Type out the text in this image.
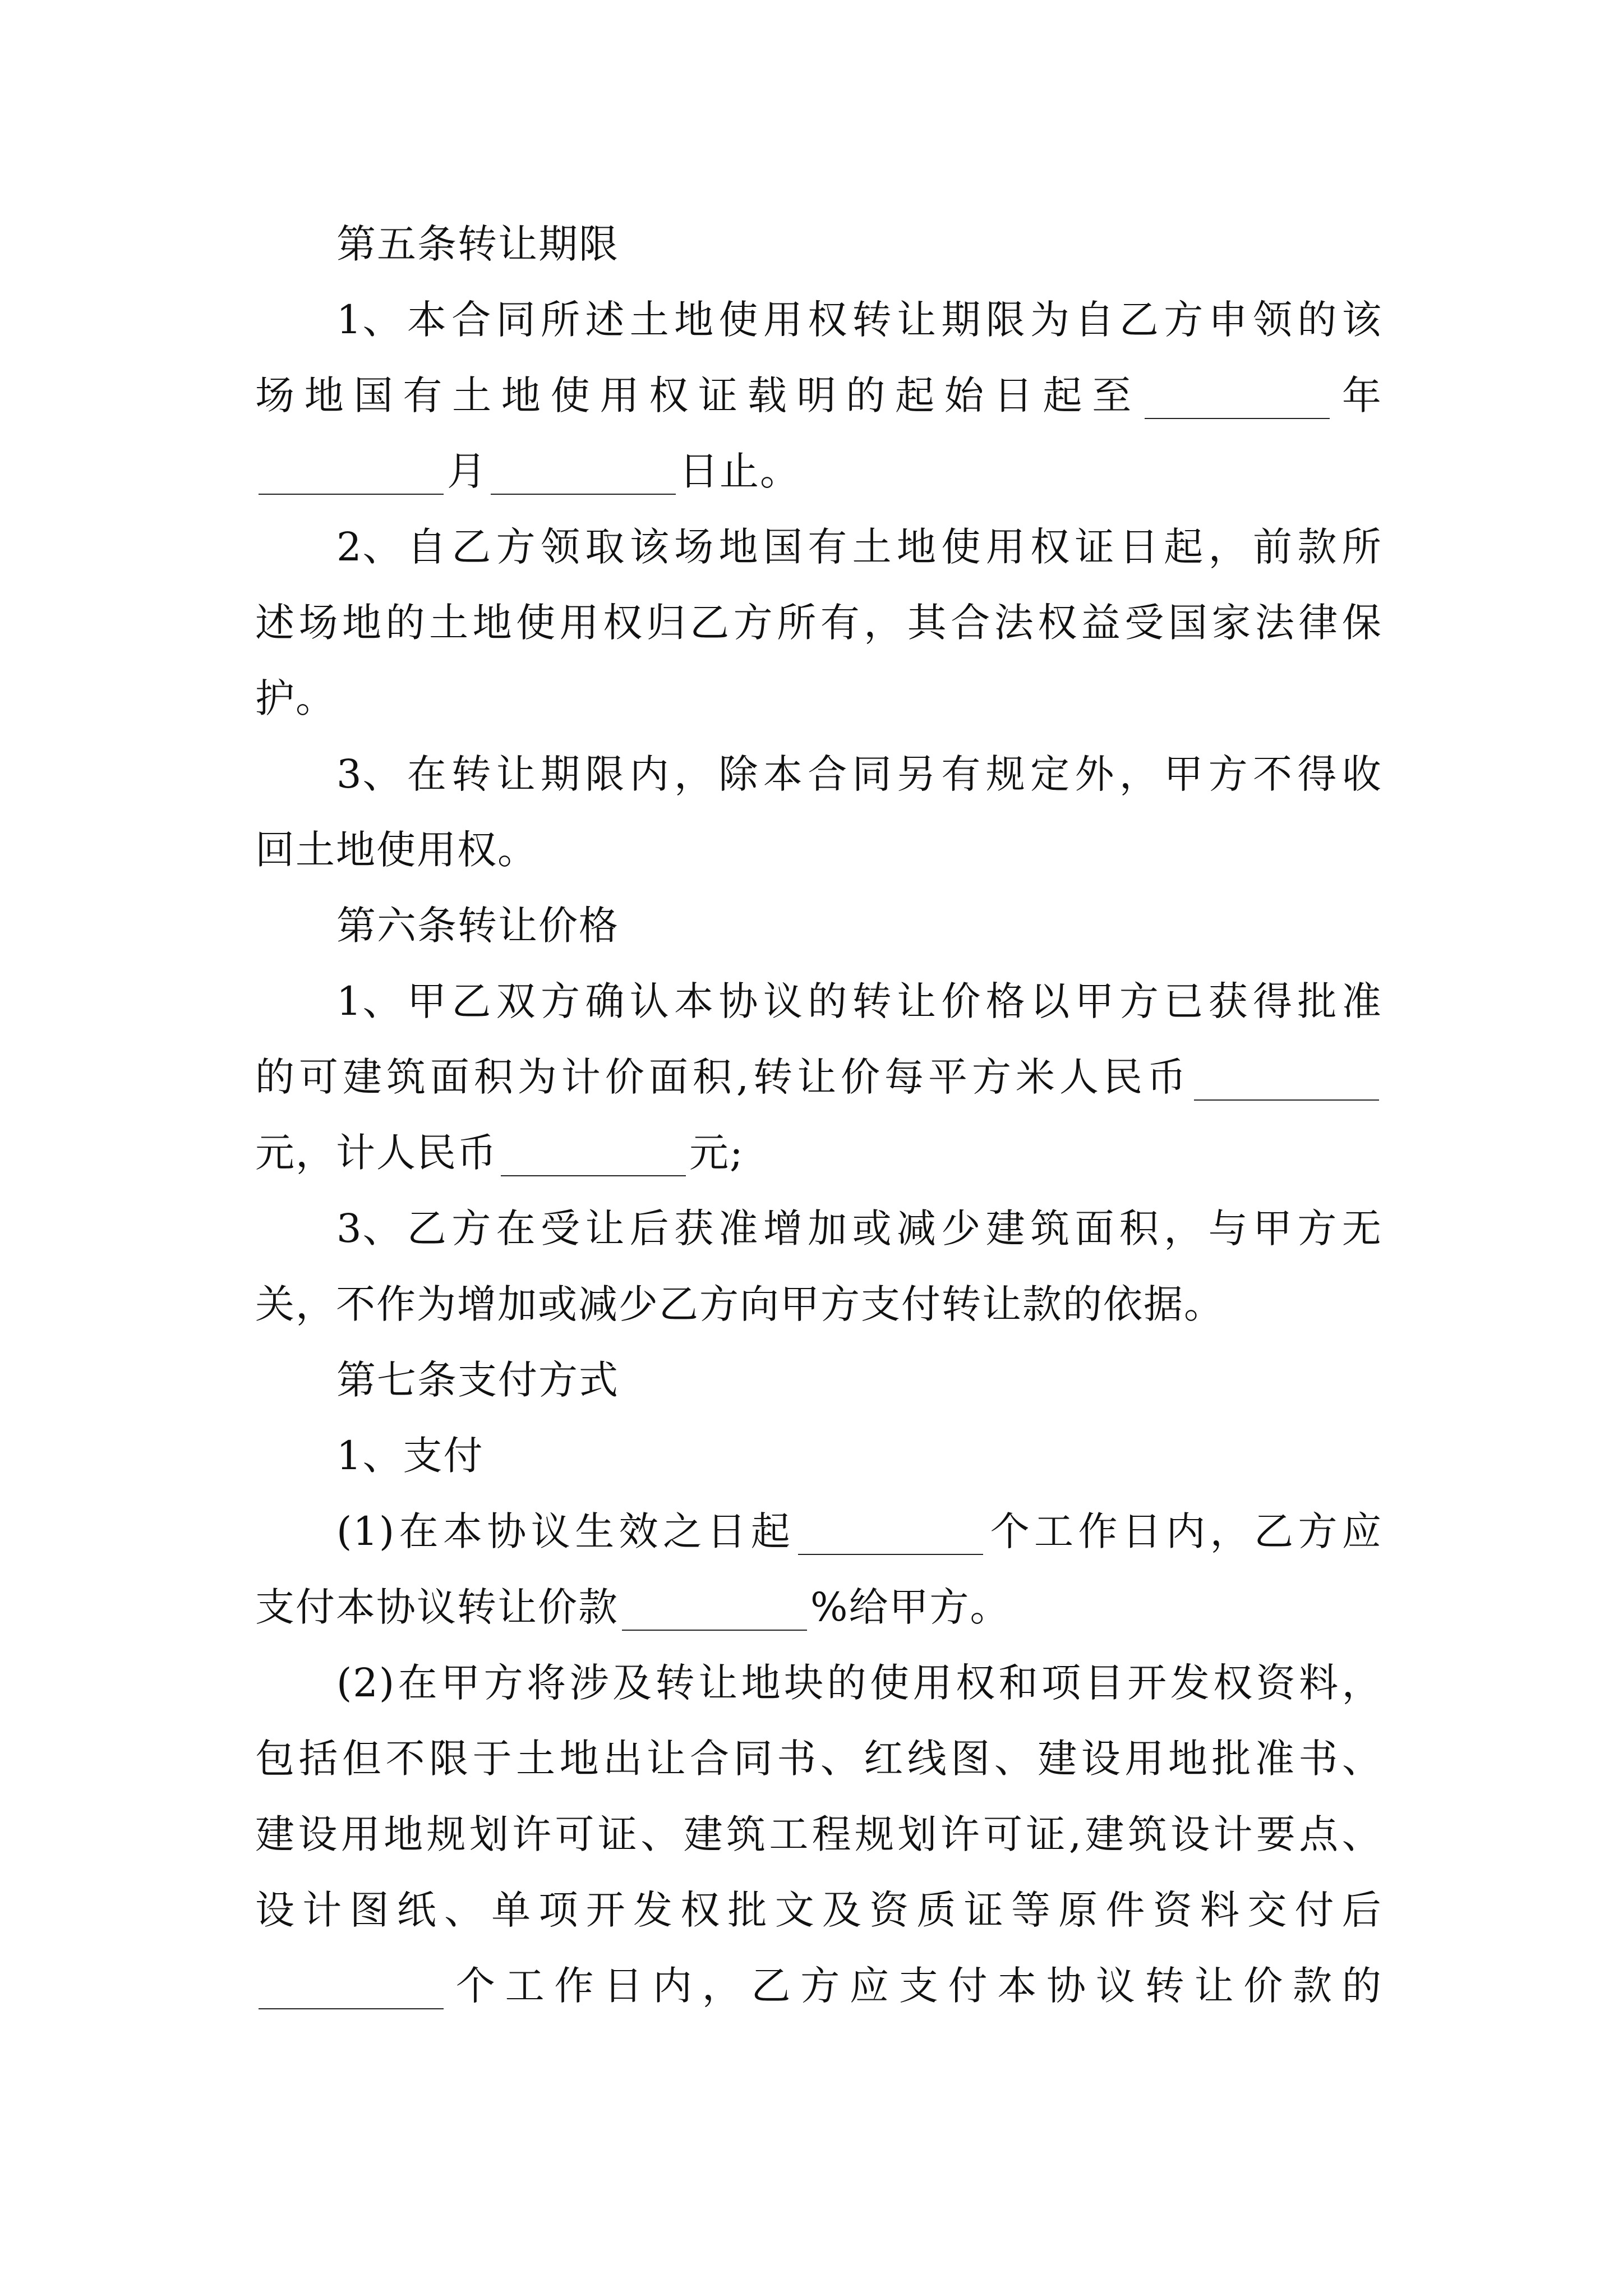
第五条转让期限
1、 本 合 同 所 述 土 地 使 用 权 转 让 期 限 为 自 乙 方 申 领 的 该
场 地 国 有 土 地 使 用 权 证 载 明 的 起 始 日 起 至	年
月	日止。
2、 自 乙 方 领 取 该 场 地 国 有 土 地 使 用 权 证 日 起 ， 前 款 所
述 场 地 的 土 地 使 用 权 归 乙 方 所 有 ， 其 合 法 权 益 受 国 家 法 律 保
护。
3、 在 转 让 期 限 内 ， 除 本 合 同 另 有 规 定 外 ， 甲 方 不 得 收
回土地使用权。
第六条转让价格
1、 甲 乙 双 方 确 认 本 协 议 的 转 让 价 格 以 甲 方 已 获 得 批 准
的 可 建 筑 面 积 为 计 价 面 积 , 转 让 价 每 平 方 米 人 民 币
元，计人民币	元;
3、 乙 方 在 受 让 后 获 准 增 加 或 减 少 建 筑 面 积 ， 与 甲 方 无
关，不作为增加或减少乙方向甲方支付转让款的依据。
第七条支付方式
1、支付
(1) 在 本 协 议 生 效 之 日 起	个 工 作 日 内 ， 乙 方 应
支付本协议转让价款	%给甲方。
(2) 在 甲 方 将 涉 及 转 让 地 块 的 使 用 权 和 项 目 开 发 权 资 料 ，
包 括 但 不 限 于 土 地 出 让 合 同 书 、 红 线 图 、 建 设 用 地 批 准 书 、
建 设 用 地 规 划 许 可 证 、 建 筑 工 程 规 划 许 可 证 , 建 筑 设 计 要 点 、
设 计 图 纸 、 单 项 开 发 权 批 文 及 资 质 证 等 原 件 资 料 交 付 后
个 工 作 日 内 ， 乙 方 应 支 付 本 协 议 转 让 价 款 的
